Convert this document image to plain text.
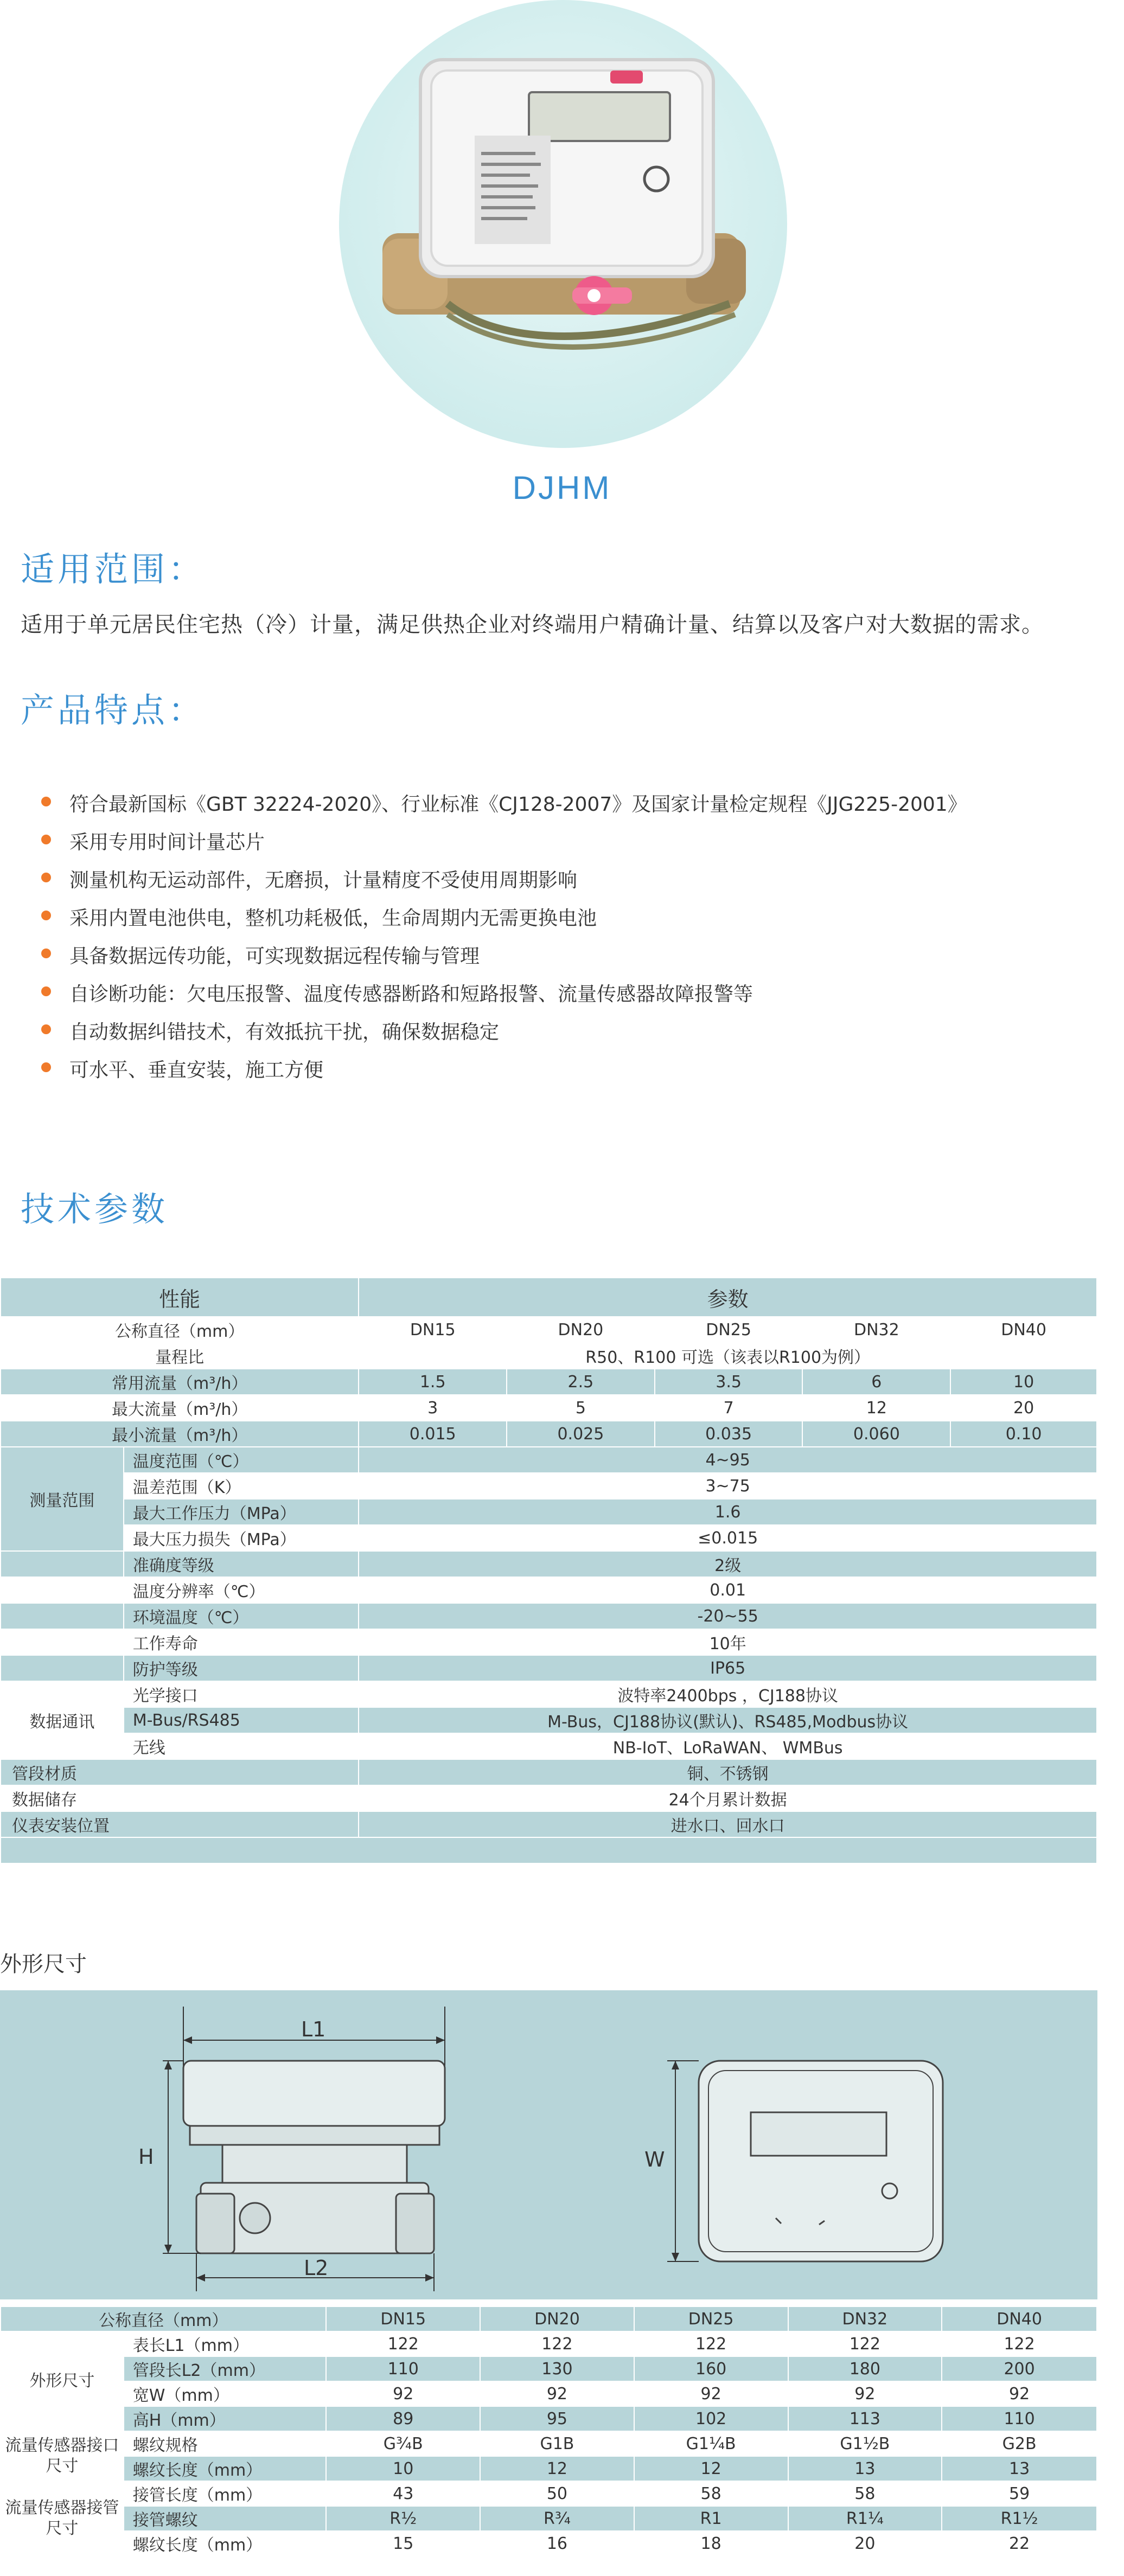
DJHM
适用范围：
适用于单元居民住宅热（冷）计量，满足供热企业对终端用户精确计量、结算以及客户对大数据的需求。
产品特点：
符合最新国标《GBT 32224-2020》、行业标准《CJ128-2007》及国家计量检定规程《JJG225-2001》
采用专用时间计量芯片
测量机构无运动部件，无磨损，计量精度不受使用周期影响
采用内置电池供电，整机功耗极低，生命周期内无需更换电池
具备数据远传功能，可实现数据远程传输与管理
自诊断功能：欠电压报警、温度传感器断路和短路报警、流量传感器故障报警等
自动数据纠错技术，有效抵抗干扰，确保数据稳定
可水平、垂直安装，施工方便
技术参数
性能		参数				
公称直径（mm）		DN15	DN20	DN25	DN32	DN40
量程比		R50、R100 可选（该表以R100为例）				
常用流量（m³/h）		1.5	2.5	3.5	6	10
最大流量（m³/h）		3	5	7	12	20
最小流量（m³/h）		0.015	0.025	0.035	0.060	0.10
测量范围	温度范围（℃）	4~95				
	温差范围（K）	3~75				
	最大工作压力（MPa）	1.6				
	最大压力损失（MPa）	≤0.015				
	准确度等级	2级				
	温度分辨率（℃）	0.01				
	环境温度（℃）	-20~55				
	工作寿命	10年				
	防护等级	IP65				
数据通讯	光学接口	波特率2400bps ，CJ188协议				
	M-Bus/RS485	M-Bus，CJ188协议(默认)、RS485,Modbus协议				
	无线	NB-IoT、LoRaWAN、 WMBus				
管段材质		铜、不锈钢				
数据储存		24个月累计数据				
仪表安装位置		进水口、回水口				

外形尺寸
L1
L2
H	W
公称直径（mm）		DN15	DN20	DN25	DN32	DN40
外形尺寸	表长L1（mm）	122	122	122	122	122
	管段长L2（mm）	110	130	160	180	200
	宽W（mm）	92	92	92	92	92
	高H（mm）	89	95	102	113	110
流量传感器接口尺寸	螺纹规格	G¾B	G1B	G1¼B	G1½B	G2B
	螺纹长度（mm）	10	12	12	13	13
流量传感器接管尺寸	接管长度（mm）	43	50	58	58	59
	接管螺纹	R½	R¾	R1	R1¼	R1½
	螺纹长度（mm）	15	16	18	20	22
